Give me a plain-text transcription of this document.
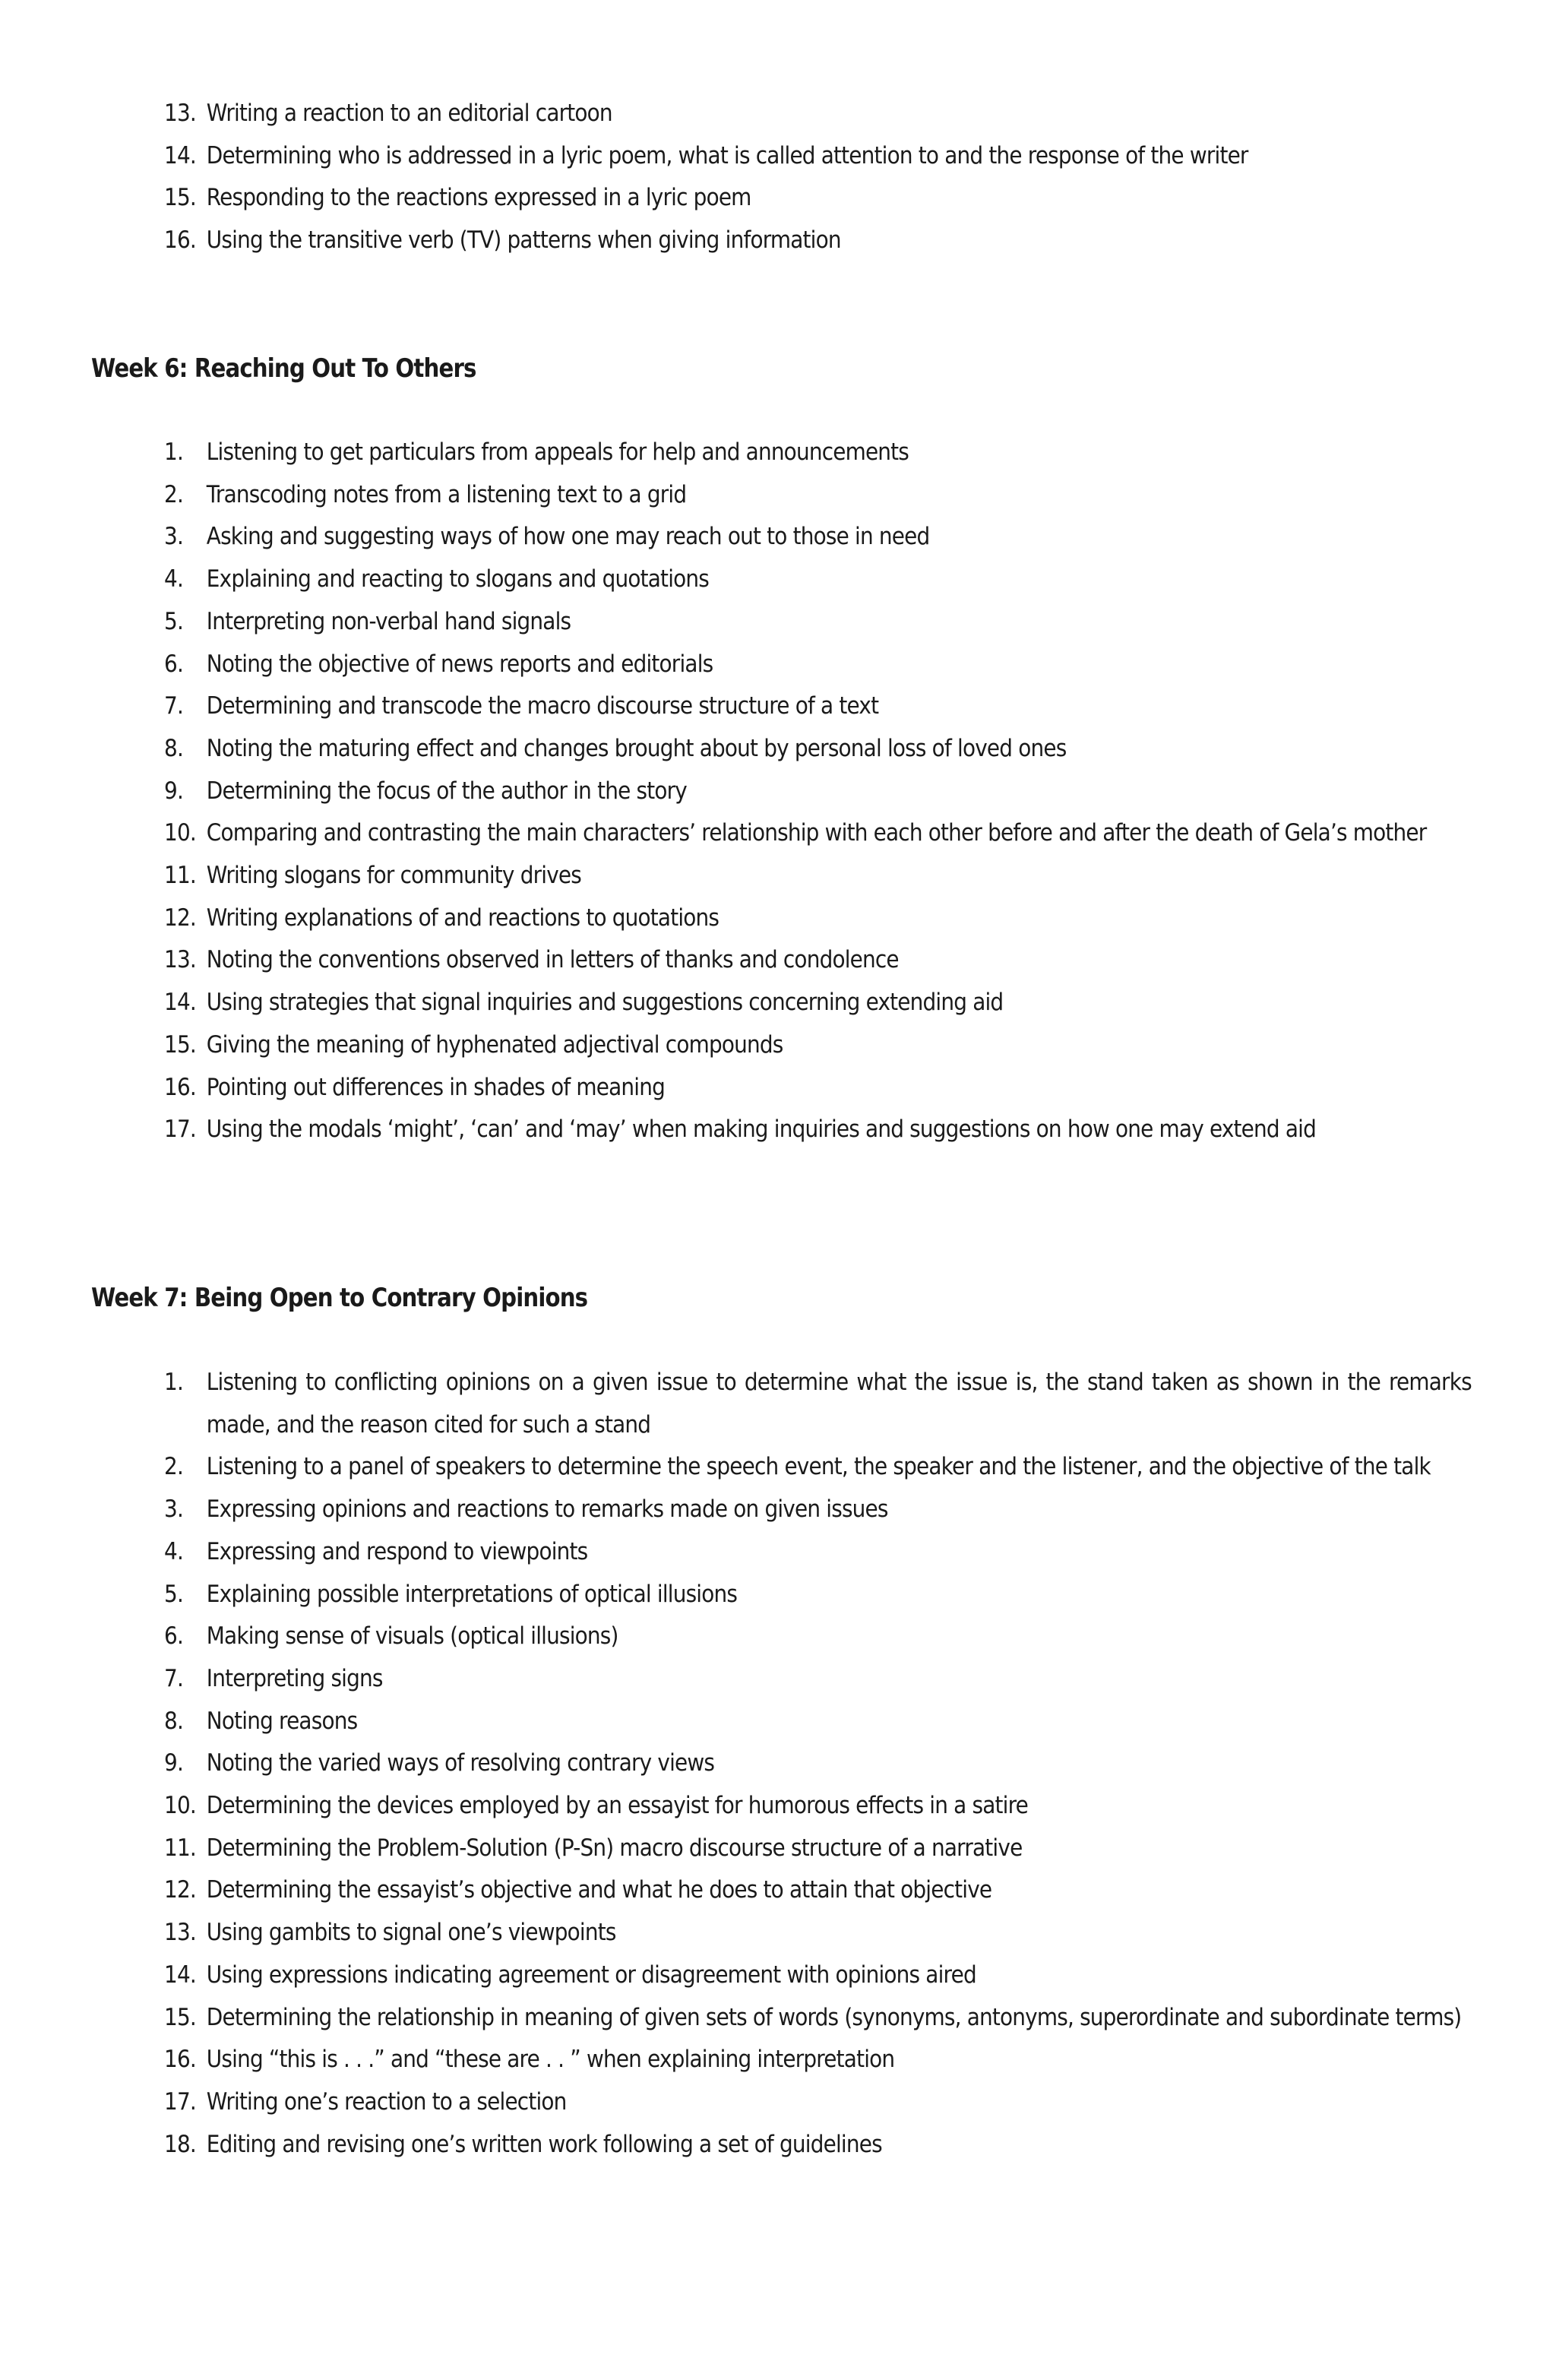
13. Writing a reaction to an editorial cartoon
14. Determining who is addressed in a lyric poem, what is called attention to and the response of the writer
15. Responding to the reactions expressed in a lyric poem
16. Using the transitive verb (TV) patterns when giving information
Week 6: Reaching Out To Others
1. Listening to get particulars from appeals for help and announcements
2. Transcoding notes from a listening text to a grid
3. Asking and suggesting ways of how one may reach out to those in need
4. Explaining and reacting to slogans and quotations
5. Interpreting non-verbal hand signals
6. Noting the objective of news reports and editorials
7. Determining and transcode the macro discourse structure of a text
8. Noting the maturing effect and changes brought about by personal loss of loved ones
9. Determining the focus of the author in the story
10. Comparing and contrasting the main characters’ relationship with each other before and after the death of Gela’s mother
11. Writing slogans for community drives
12. Writing explanations of and reactions to quotations
13. Noting the conventions observed in letters of thanks and condolence
14. Using strategies that signal inquiries and suggestions concerning extending aid
15. Giving the meaning of hyphenated adjectival compounds
16. Pointing out differences in shades of meaning
17. Using the modals ‘might’, ‘can’ and ‘may’ when making inquiries and suggestions on how one may extend aid
Week 7: Being Open to Contrary Opinions
1. Listening to conflicting opinions on a given issue to determine what the issue is, the stand taken as shown in the remarks made, and the reason cited for such a stand
2. Listening to a panel of speakers to determine the speech event, the speaker and the listener, and the objective of the talk
3. Expressing opinions and reactions to remarks made on given issues
4. Expressing and respond to viewpoints
5. Explaining possible interpretations of optical illusions
6. Making sense of visuals (optical illusions)
7. Interpreting signs
8. Noting reasons
9. Noting the varied ways of resolving contrary views
10. Determining the devices employed by an essayist for humorous effects in a satire
11. Determining the Problem-Solution (P-Sn) macro discourse structure of a narrative
12. Determining the essayist’s objective and what he does to attain that objective
13. Using gambits to signal one’s viewpoints
14. Using expressions indicating agreement or disagreement with opinions aired
15. Determining the relationship in meaning of given sets of words (synonyms, antonyms, superordinate and subordinate terms)
16. Using “this is . . .” and “these are . . ” when explaining interpretation
17. Writing one’s reaction to a selection
18. Editing and revising one’s written work following a set of guidelines
